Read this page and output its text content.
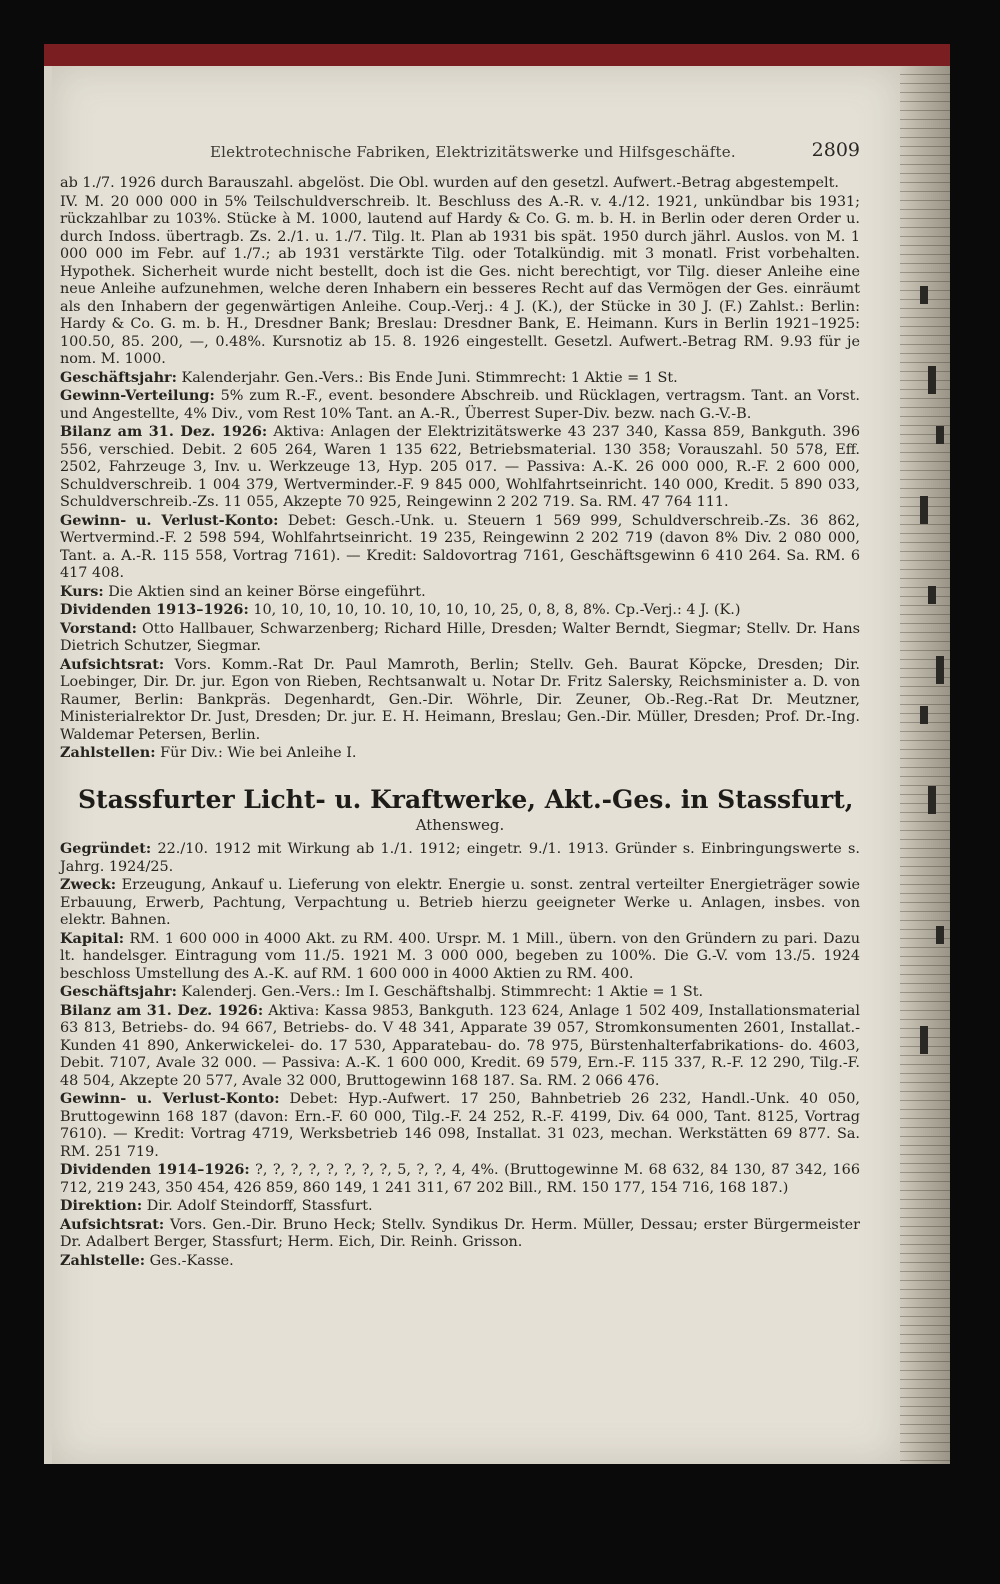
Elektrotechnische Fabriken, Elektrizitätswerke und Hilfsgeschäfte.	2809

ab 1./7. 1926 durch Barauszahl. abgelöst. Die Obl. wurden auf den gesetzl. Aufwert.-Betrag abgestempelt.

IV. M. 20 000 000 in 5% Teilschuldverschreib. lt. Beschluss des A.-R. v. 4./12. 1921, unkündbar bis 1931; rückzahlbar zu 103%. Stücke à M. 1000, lautend auf Hardy & Co. G. m. b. H. in Berlin oder deren Order u. durch Indoss. übertragb. Zs. 2./1. u. 1./7. Tilg. lt. Plan ab 1931 bis spät. 1950 durch jährl. Auslos. von M. 1 000 000 im Febr. auf 1./7.; ab 1931 verstärkte Tilg. oder Totalkündig. mit 3 monatl. Frist vorbehalten. Hypothek. Sicherheit wurde nicht bestellt, doch ist die Ges. nicht berechtigt, vor Tilg. dieser Anleihe eine neue Anleihe aufzunehmen, welche deren Inhabern ein besseres Recht auf das Vermögen der Ges. einräumt als den Inhabern der gegenwärtigen Anleihe. Coup.-Verj.: 4 J. (K.), der Stücke in 30 J. (F.) Zahlst.: Berlin: Hardy & Co. G. m. b. H., Dresdner Bank; Breslau: Dresdner Bank, E. Heimann. Kurs in Berlin 1921–1925: 100.50, 85. 200, —, 0.48%. Kursnotiz ab 15. 8. 1926 eingestellt. Gesetzl. Aufwert.-Betrag RM. 9.93 für je nom. M. 1000.

Geschäftsjahr: Kalenderjahr. Gen.-Vers.: Bis Ende Juni. Stimmrecht: 1 Aktie = 1 St.

Gewinn-Verteilung: 5% zum R.-F., event. besondere Abschreib. und Rücklagen, vertragsm. Tant. an Vorst. und Angestellte, 4% Div., vom Rest 10% Tant. an A.-R., Überrest Super-Div. bezw. nach G.-V.-B.

Bilanz am 31. Dez. 1926: Aktiva: Anlagen der Elektrizitätswerke 43 237 340, Kassa 859, Bankguth. 396 556, verschied. Debit. 2 605 264, Waren 1 135 622, Betriebsmaterial. 130 358; Vorauszahl. 50 578, Eff. 2502, Fahrzeuge 3, Inv. u. Werkzeuge 13, Hyp. 205 017. — Passiva: A.-K. 26 000 000, R.-F. 2 600 000, Schuldverschreib. 1 004 379, Wertverminder.-F. 9 845 000, Wohlfahrtseinricht. 140 000, Kredit. 5 890 033, Schuldverschreib.-Zs. 11 055, Akzepte 70 925, Reingewinn 2 202 719. Sa. RM. 47 764 111.

Gewinn- u. Verlust-Konto: Debet: Gesch.-Unk. u. Steuern 1 569 999, Schuldverschreib.-Zs. 36 862, Wertvermind.-F. 2 598 594, Wohlfahrtseinricht. 19 235, Reingewinn 2 202 719 (davon 8% Div. 2 080 000, Tant. a. A.-R. 115 558, Vortrag 7161). — Kredit: Saldovortrag 7161, Geschäftsgewinn 6 410 264. Sa. RM. 6 417 408.

Kurs: Die Aktien sind an keiner Börse eingeführt.

Dividenden 1913–1926: 10, 10, 10, 10, 10. 10, 10, 10, 10, 25, 0, 8, 8, 8%. Cp.-Verj.: 4 J. (K.)

Vorstand: Otto Hallbauer, Schwarzenberg; Richard Hille, Dresden; Walter Berndt, Siegmar; Stellv. Dr. Hans Dietrich Schutzer, Siegmar.

Aufsichtsrat: Vors. Komm.-Rat Dr. Paul Mamroth, Berlin; Stellv. Geh. Baurat Köpcke, Dresden; Dir. Loebinger, Dir. Dr. jur. Egon von Rieben, Rechtsanwalt u. Notar Dr. Fritz Salersky, Reichsminister a. D. von Raumer, Berlin: Bankpräs. Degenhardt, Gen.-Dir. Wöhrle, Dir. Zeuner, Ob.-Reg.-Rat Dr. Meutzner, Ministerialrektor Dr. Just, Dresden; Dr. jur. E. H. Heimann, Breslau; Gen.-Dir. Müller, Dresden; Prof. Dr.-Ing. Waldemar Petersen, Berlin.

Zahlstellen: Für Div.: Wie bei Anleihe I.

Stassfurter Licht- u. Kraftwerke, Akt.-Ges. in Stassfurt,
Athensweg.

Gegründet: 22./10. 1912 mit Wirkung ab 1./1. 1912; eingetr. 9./1. 1913. Gründer s. Einbringungswerte s. Jahrg. 1924/25.

Zweck: Erzeugung, Ankauf u. Lieferung von elektr. Energie u. sonst. zentral verteilter Energieträger sowie Erbauung, Erwerb, Pachtung, Verpachtung u. Betrieb hierzu geeigneter Werke u. Anlagen, insbes. von elektr. Bahnen.

Kapital: RM. 1 600 000 in 4000 Akt. zu RM. 400. Urspr. M. 1 Mill., übern. von den Gründern zu pari. Dazu lt. handelsger. Eintragung vom 11./5. 1921 M. 3 000 000, begeben zu 100%. Die G.-V. vom 13./5. 1924 beschloss Umstellung des A.-K. auf RM. 1 600 000 in 4000 Aktien zu RM. 400.

Geschäftsjahr: Kalenderj. Gen.-Vers.: Im I. Geschäftshalbj. Stimmrecht: 1 Aktie = 1 St.

Bilanz am 31. Dez. 1926: Aktiva: Kassa 9853, Bankguth. 123 624, Anlage 1 502 409, Installationsmaterial 63 813, Betriebs- do. 94 667, Betriebs- do. V 48 341, Apparate 39 057, Stromkonsumenten 2601, Installat.-Kunden 41 890, Ankerwickelei- do. 17 530, Apparatebau- do. 78 975, Bürstenhalterfabrikations- do. 4603, Debit. 7107, Avale 32 000. — Passiva: A.-K. 1 600 000, Kredit. 69 579, Ern.-F. 115 337, R.-F. 12 290, Tilg.-F. 48 504, Akzepte 20 577, Avale 32 000, Bruttogewinn 168 187. Sa. RM. 2 066 476.

Gewinn- u. Verlust-Konto: Debet: Hyp.-Aufwert. 17 250, Bahnbetrieb 26 232, Handl.-Unk. 40 050, Bruttogewinn 168 187 (davon: Ern.-F. 60 000, Tilg.-F. 24 252, R.-F. 4199, Div. 64 000, Tant. 8125, Vortrag 7610). — Kredit: Vortrag 4719, Werksbetrieb 146 098, Installat. 31 023, mechan. Werkstätten 69 877. Sa. RM. 251 719.

Dividenden 1914–1926: ?, ?, ?, ?, ?, ?, ?, ?, 5, ?, ?, 4, 4%. (Bruttogewinne M. 68 632, 84 130, 87 342, 166 712, 219 243, 350 454, 426 859, 860 149, 1 241 311, 67 202 Bill., RM. 150 177, 154 716, 168 187.)

Direktion: Dir. Adolf Steindorff, Stassfurt.

Aufsichtsrat: Vors. Gen.-Dir. Bruno Heck; Stellv. Syndikus Dr. Herm. Müller, Dessau; erster Bürgermeister Dr. Adalbert Berger, Stassfurt; Herm. Eich, Dir. Reinh. Grisson.

Zahlstelle: Ges.-Kasse.
